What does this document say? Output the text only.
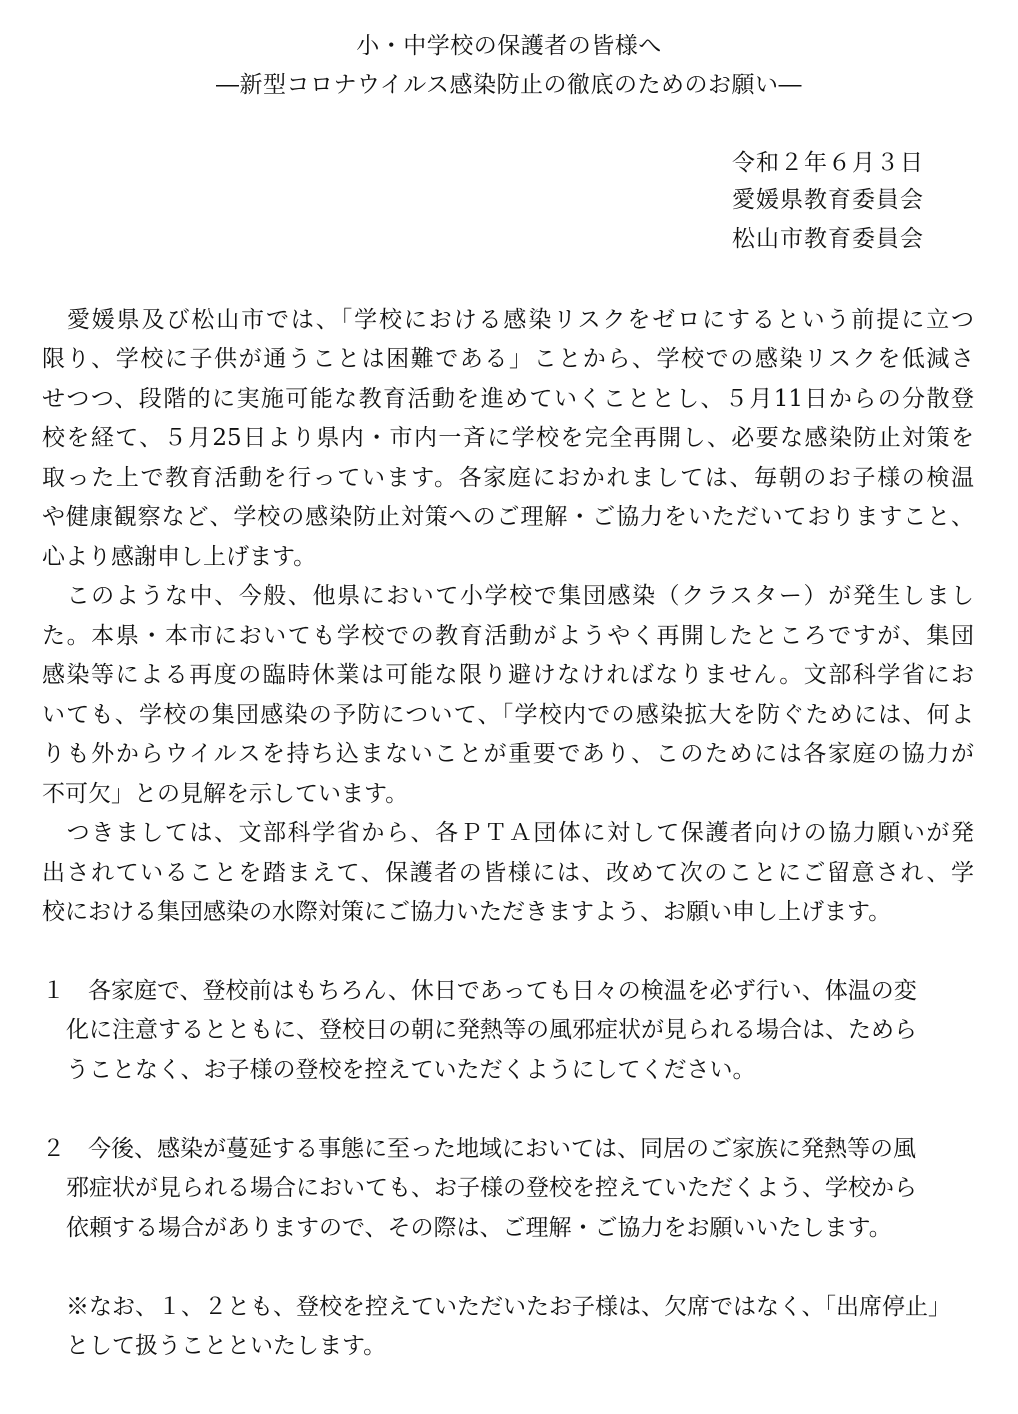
小・中学校の保護者の皆様へ
―新型コロナウイルス感染防止の徹底のためのお願い―
令和２年６月３日
愛媛県教育委員会
松山市教育委員会
　愛媛県及び松山市では、「学校における感染リスクをゼロにするという前提に立つ
限り、学校に子供が通うことは困難である」ことから、学校での感染リスクを低減さ
せつつ、段階的に実施可能な教育活動を進めていくこととし、５月11日からの分散登
校を経て、５月25日より県内・市内一斉に学校を完全再開し、必要な感染防止対策を
取った上で教育活動を行っています。各家庭におかれましては、毎朝のお子様の検温
や健康観察など、学校の感染防止対策へのご理解・ご協力をいただいておりますこと、
心より感謝申し上げます。
　このような中、今般、他県において小学校で集団感染（クラスター）が発生しまし
た。本県・本市においても学校での教育活動がようやく再開したところですが、集団
感染等による再度の臨時休業は可能な限り避けなければなりません。文部科学省にお
いても、学校の集団感染の予防について、「学校内での感染拡大を防ぐためには、何よ
りも外からウイルスを持ち込まないことが重要であり、このためには各家庭の協力が
不可欠」との見解を示しています。
　つきましては、文部科学省から、各ＰＴＡ団体に対して保護者向けの協力願いが発
出されていることを踏まえて、保護者の皆様には、改めて次のことにご留意され、学
校における集団感染の水際対策にご協力いただきますよう、お願い申し上げます。
１　各家庭で、登校前はもちろん、休日であっても日々の検温を必ず行い、体温の変
化に注意するとともに、登校日の朝に発熱等の風邪症状が見られる場合は、ためら
うことなく、お子様の登校を控えていただくようにしてください。
２　今後、感染が蔓延する事態に至った地域においては、同居のご家族に発熱等の風
邪症状が見られる場合においても、お子様の登校を控えていただくよう、学校から
依頼する場合がありますので、その際は、ご理解・ご協力をお願いいたします。
※なお、１、２とも、登校を控えていただいたお子様は、欠席ではなく、「出席停止」
として扱うことといたします。
